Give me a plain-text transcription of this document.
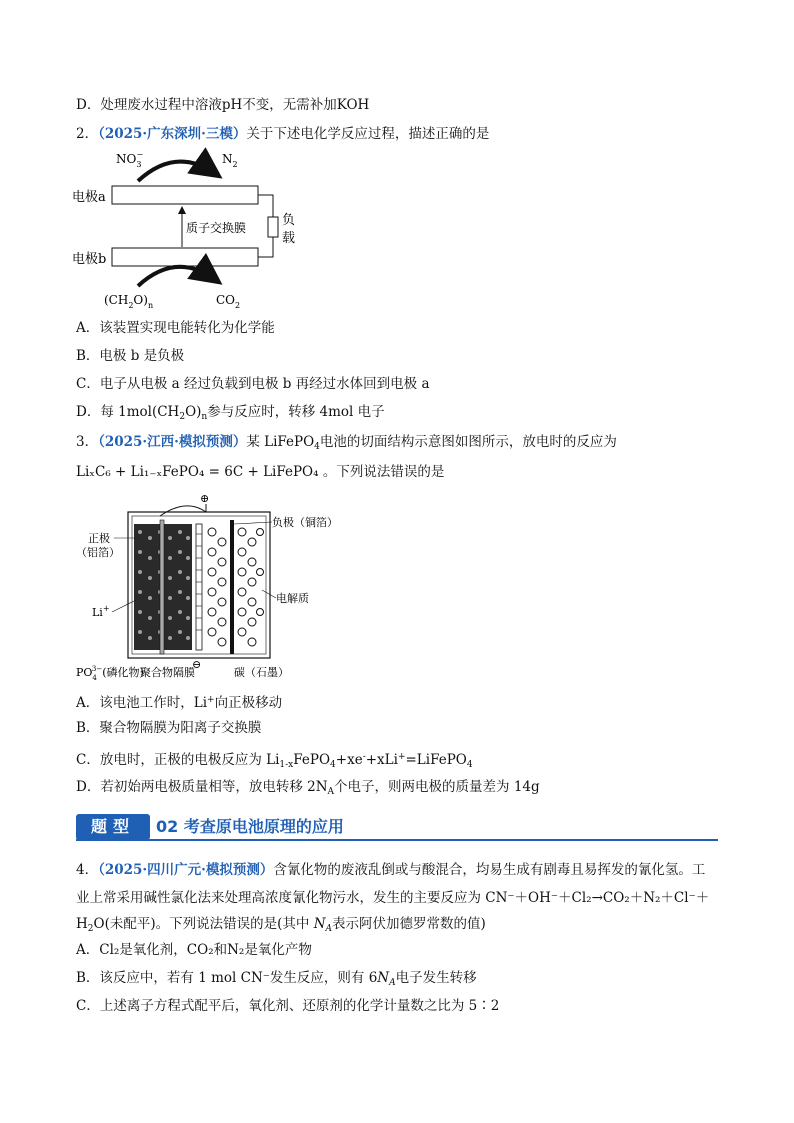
D．处理废水过程中溶液pH不变，无需补加KOH
2．（2025·广东深圳·三模）关于下述电化学反应过程，描述正确的是
$NO_3-$	$N_2$
电极a
电极b
质子交换膜	负
载
$(CH_2O)_n$	$CO_2$
A．该装置实现电能转化为化学能
B．电极 b 是负极
C．电子从电极 a 经过负载到电极 b 再经过水体回到电极 a
D．每 $1mol(CH_2O)_n$参与反应时，转移 4mol 电子
3．（2025·江西·模拟预测）某 LiFePO$_4$电池的切面结构示意图如图所示，放电时的反应为
LiₓC₆ + Li₁₋ₓFePO₄ = 6C + LiFePO₄ 。下列说法错误的是
⊕
⊖
正极
（铝箔）
Li+
$PO_43-$(磷化物)
聚合物隔膜	碳（石墨）
负极（铜箔）
电解质
A．该电池工作时，Li+向正极移动
B．聚合物隔膜为阳离子交换膜
C．放电时，正极的电极反应为 $Li_{1-x}FePO_4+xe^-+xLi^+=LiFePO_4$
D．若初始两电极质量相等，放电转移 $2N_A$个电子，则两电极的质量差为 14g
题型	02 考查原电池原理的应用
4．（2025·四川广元·模拟预测）含氰化物的废液乱倒或与酸混合，均易生成有剧毒且易挥发的氰化氢。工
业上常采用碱性氯化法来处理高浓度氰化物污水，发生的主要反应为 CN⁻＋OH⁻＋Cl₂→CO₂＋N₂＋Cl⁻＋
$H_2O$(未配平)。下列说法错误的是(其中 $N_A$表示阿伏加德罗常数的值)
A．Cl₂是氧化剂，CO₂和N₂是氧化产物
B．该反应中，若有 1 mol CN⁻发生反应，则有 $6N_A$电子发生转移
C．上述离子方程式配平后，氧化剂、还原剂的化学计量数之比为 5∶2
